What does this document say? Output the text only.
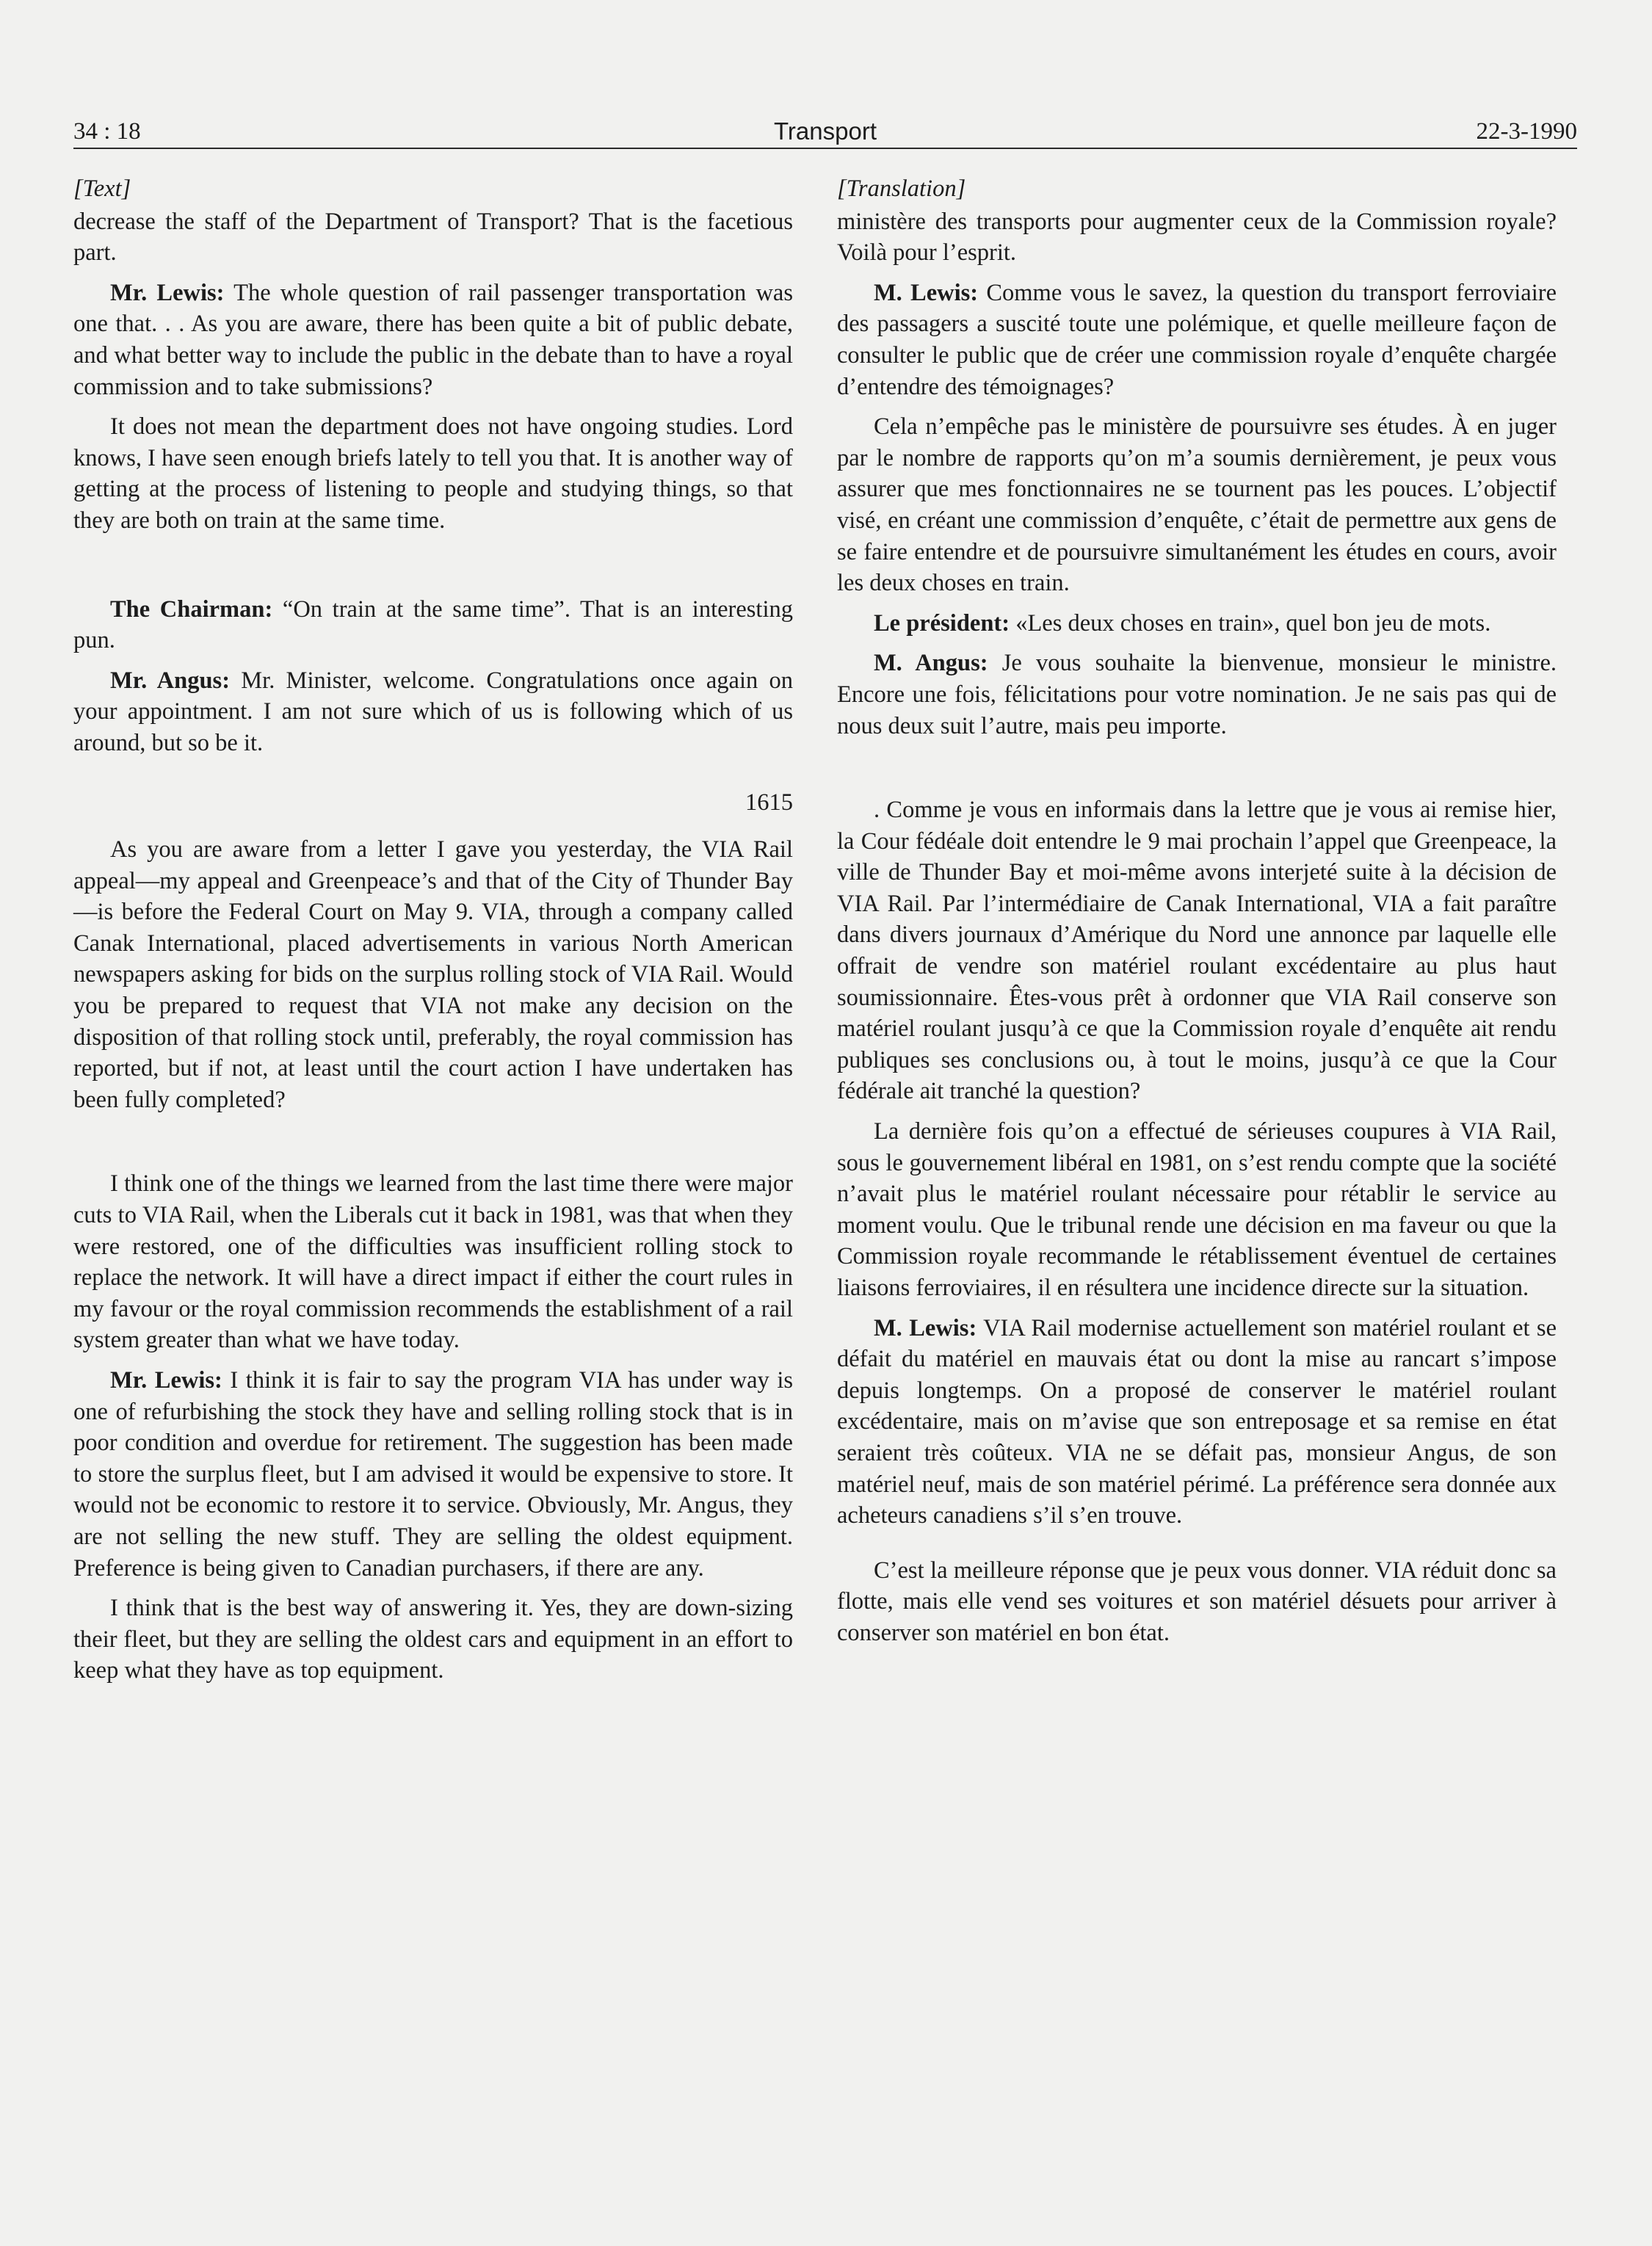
34 : 18	Transport	22-3-1990

[Text]

decrease the staff of the Department of Transport? That is the facetious part.

Mr. Lewis: The whole question of rail passenger transportation was one that. . . As you are aware, there has been quite a bit of public debate, and what better way to include the public in the debate than to have a royal commission and to take submissions?

It does not mean the department does not have ongoing studies. Lord knows, I have seen enough briefs lately to tell you that. It is another way of getting at the process of listening to people and studying things, so that they are both on train at the same time.

The Chairman: “On train at the same time”. That is an interesting pun.

Mr. Angus: Mr. Minister, welcome. Congratulations once again on your appointment. I am not sure which of us is following which of us around, but so be it.

1615

As you are aware from a letter I gave you yesterday, the VIA Rail appeal—my appeal and Greenpeace’s and that of the City of Thunder Bay—is before the Federal Court on May 9. VIA, through a company called Canak International, placed advertisements in various North American newspapers asking for bids on the surplus rolling stock of VIA Rail. Would you be prepared to request that VIA not make any decision on the disposition of that rolling stock until, preferably, the royal commission has reported, but if not, at least until the court action I have undertaken has been fully completed?

I think one of the things we learned from the last time there were major cuts to VIA Rail, when the Liberals cut it back in 1981, was that when they were restored, one of the difficulties was insufficient rolling stock to replace the network. It will have a direct impact if either the court rules in my favour or the royal commission recommends the establishment of a rail system greater than what we have today.

Mr. Lewis: I think it is fair to say the program VIA has under way is one of refurbishing the stock they have and selling rolling stock that is in poor condition and overdue for retirement. The suggestion has been made to store the surplus fleet, but I am advised it would be expensive to store. It would not be economic to restore it to service. Obviously, Mr. Angus, they are not selling the new stuff. They are selling the oldest equipment. Preference is being given to Canadian purchasers, if there are any.

I think that is the best way of answering it. Yes, they are down-sizing their fleet, but they are selling the oldest cars and equipment in an effort to keep what they have as top equipment.

[Translation]

ministère des transports pour augmenter ceux de la Commission royale? Voilà pour l’esprit.

M. Lewis: Comme vous le savez, la question du transport ferroviaire des passagers a suscité toute une polémique, et quelle meilleure façon de consulter le public que de créer une commission royale d’enquête chargée d’entendre des témoignages?

Cela n’empêche pas le ministère de poursuivre ses études. À en juger par le nombre de rapports qu’on m’a soumis dernièrement, je peux vous assurer que mes fonctionnaires ne se tournent pas les pouces. L’objectif visé, en créant une commission d’enquête, c’était de permettre aux gens de se faire entendre et de poursuivre simultanément les études en cours, avoir les deux choses en train.

Le président: «Les deux choses en train», quel bon jeu de mots.

M. Angus: Je vous souhaite la bienvenue, monsieur le ministre. Encore une fois, félicitations pour votre nomination. Je ne sais pas qui de nous deux suit l’autre, mais peu importe.

. Comme je vous en informais dans la lettre que je vous ai remise hier, la Cour fédéale doit entendre le 9 mai prochain l’appel que Greenpeace, la ville de Thunder Bay et moi-même avons interjeté suite à la décision de VIA Rail. Par l’intermédiaire de Canak International, VIA a fait paraître dans divers journaux d’Amérique du Nord une annonce par laquelle elle offrait de vendre son matériel roulant excédentaire au plus haut soumissionnaire. Êtes-vous prêt à ordonner que VIA Rail conserve son matériel roulant jusqu’à ce que la Commission royale d’enquête ait rendu publiques ses conclusions ou, à tout le moins, jusqu’à ce que la Cour fédérale ait tranché la question?

La dernière fois qu’on a effectué de sérieuses coupures à VIA Rail, sous le gouvernement libéral en 1981, on s’est rendu compte que la société n’avait plus le matériel roulant nécessaire pour rétablir le service au moment voulu. Que le tribunal rende une décision en ma faveur ou que la Commission royale recommande le rétablissement éventuel de certaines liaisons ferroviaires, il en résultera une incidence directe sur la situation.

M. Lewis: VIA Rail modernise actuellement son matériel roulant et se défait du matériel en mauvais état ou dont la mise au rancart s’impose depuis longtemps. On a proposé de conserver le matériel roulant excédentaire, mais on m’avise que son entreposage et sa remise en état seraient très coûteux. VIA ne se défait pas, monsieur Angus, de son matériel neuf, mais de son matériel périmé. La préférence sera donnée aux acheteurs canadiens s’il s’en trouve.

C’est la meilleure réponse que je peux vous donner. VIA réduit donc sa flotte, mais elle vend ses voitures et son matériel désuets pour arriver à conserver son matériel en bon état.
